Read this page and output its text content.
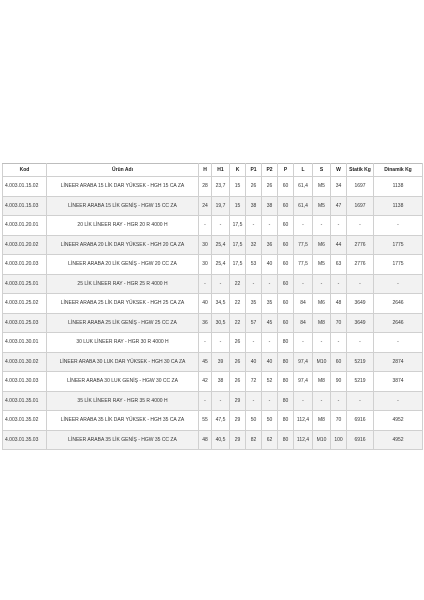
Kod	Ürün Adı	H	H1	K	P1	P2	P	L	S	W	Statik Kg	Dinamik Kg
4.003.01.15.02	LİNEER ARABA 15 LİK DAR YÜKSEK - HGH 15 CA ZA	28	23,7	15	26	26	60	61,4	M5	34	1697	1138
4.003.01.15.03	LİNEER ARABA 15 LİK GENİŞ - HGW 15 CC ZA	24	19,7	15	38	38	60	61,4	M5	47	1697	1138
4.003.01.20.01	20 LİK LİNEER RAY - HGR 20 R 4000 H	-	-	17,5	-	-	60	-	-	-	-	-
4.003.01.20.02	LİNEER ARABA 20 LİK DAR YÜKSEK - HGH 20 CA ZA	30	25,4	17,5	32	36	60	77,5	M6	44	2776	1775
4.003.01.20.03	LİNEER ARABA 20 LİK GENİŞ - HGW 20 CC ZA	30	25,4	17,5	53	40	60	77,5	M5	63	2776	1775
4.003.01.25.01	25 LİK LİNEER RAY - HGR 25 R 4000 H	-	-	22	-	-	60	-	-	-	-	-
4.003.01.25.02	LİNEER ARABA 25 LİK DAR YÜKSEK - HGH 25 CA ZA	40	34,5	22	35	35	60	84	M6	48	3649	2646
4.003.01.25.03	LİNEER ARABA 25 LİK GENİŞ - HGW 25 CC ZA	36	30,5	22	57	45	60	84	M8	70	3649	2646
4.003.01.30.01	30 LUK LİNEER RAY - HGR 30 R 4000 H	-	-	26	-	-	80	-	-	-	-	-
4.003.01.30.02	LİNEER ARABA 30 LUK DAR YÜKSEK - HGH 30 CA ZA	45	39	26	40	40	80	97,4	M10	60	5219	2874
4.003.01.30.03	LİNEER ARABA 30 LUK GENİŞ - HGW 30 CC ZA	42	38	26	72	52	80	97,4	M8	90	5219	3874
4.003.01.35.01	35 LİK LİNEER RAY - HGR 35 R 4000 H	-	-	29	-	-	80	-	-	-	-	-
4.003.01.35.02	LİNEER ARABA 35 LİK DAR YÜKSEK - HGH 35 CA ZA	55	47,5	29	50	50	80	112,4	M8	70	6916	4952
4.003.01.35.03	LİNEER ARABA 35 LİK GENİŞ - HGW 35 CC ZA	48	40,5	29	82	62	80	112,4	M10	100	6916	4952
